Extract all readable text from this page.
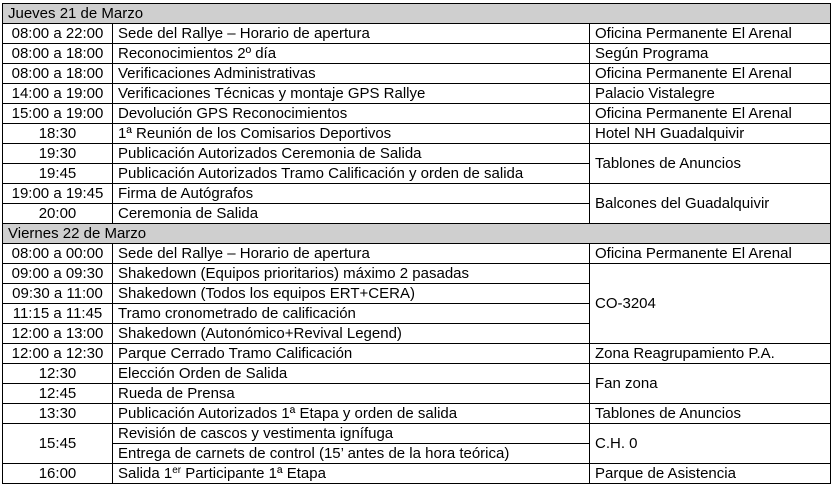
Jueves 21 de Marzo		
08:00 a 22:00	Sede del Rallye – Horario de apertura	Oficina Permanente El Arenal
08:00 a 18:00	Reconocimientos 2º día	Según Programa
08:00 a 18:00	Verificaciones Administrativas	Oficina Permanente El Arenal
14:00 a 19:00	Verificaciones Técnicas y montaje GPS Rallye	Palacio Vistalegre
15:00 a 19:00	Devolución GPS Reconocimientos	Oficina Permanente El Arenal
18:30	1ª Reunión de los Comisarios Deportivos	Hotel NH Guadalquivir
19:30	Publicación Autorizados Ceremonia de Salida	Tablones de Anuncios
19:45	Publicación Autorizados Tramo Calificación y orden de salida	
19:00 a 19:45	Firma de Autógrafos	Balcones del Guadalquivir
20:00	Ceremonia de Salida	
Viernes 22 de Marzo		
08:00 a 00:00	Sede del Rallye – Horario de apertura	Oficina Permanente El Arenal
09:00 a 09:30	Shakedown (Equipos prioritarios) máximo 2 pasadas	CO-3204
09:30 a 11:00	Shakedown (Todos los equipos ERT+CERA)	
11:15 a 11:45	Tramo cronometrado de calificación	
12:00 a 13:00	Shakedown (Autonómico+Revival Legend)	
12:00 a 12:30	Parque Cerrado Tramo Calificación	Zona Reagrupamiento P.A.
12:30	Elección Orden de Salida	Fan zona
12:45	Rueda de Prensa	
13:30	Publicación Autorizados 1ª Etapa y orden de salida	Tablones de Anuncios
15:45	Revisión de cascos y vestimenta ignífuga	C.H. 0
	Entrega de carnets de control (15’ antes de la hora teórica)	
16:00	Salida 1er Participante 1ª Etapa	Parque de Asistencia
